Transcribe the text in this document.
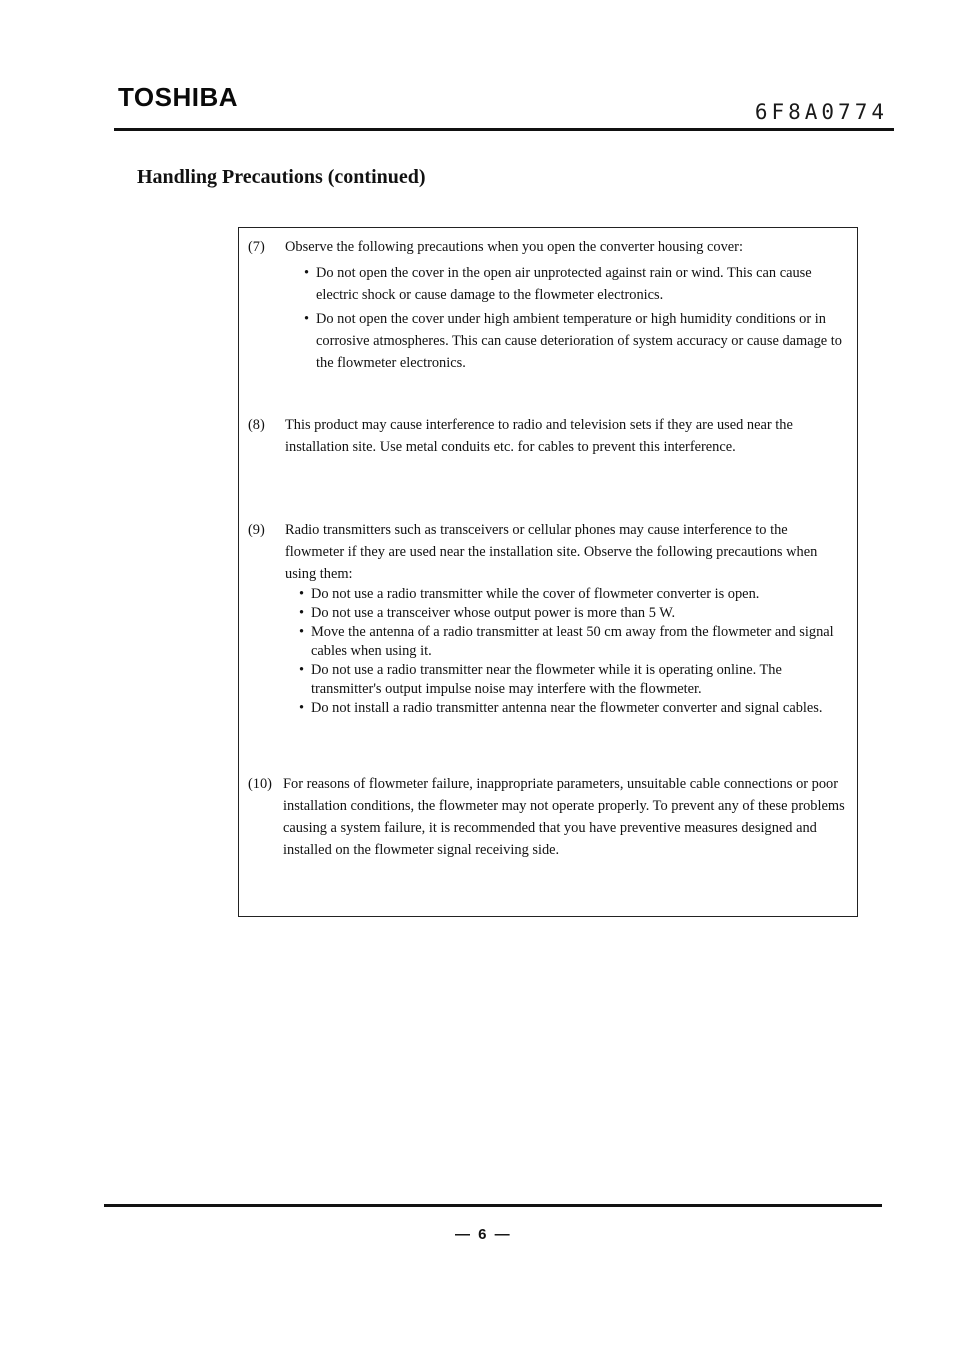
TOSHIBA	6F8A0774
Handling Precautions (continued)
(7) Observe the following precautions when you open the converter housing cover:
• Do not open the cover in the open air unprotected against rain or wind. This can cause electric shock or cause damage to the flowmeter electronics.
• Do not open the cover under high ambient temperature or high humidity conditions or in corrosive atmospheres. This can cause deterioration of system accuracy or cause damage to the flowmeter electronics.
(8) This product may cause interference to radio and television sets if they are used near the installation site. Use metal conduits etc. for cables to prevent this interference.
(9) Radio transmitters such as transceivers or cellular phones may cause interference to the flowmeter if they are used near the installation site. Observe the following precautions when using them:
• Do not use a radio transmitter while the cover of flowmeter converter is open.
• Do not use a transceiver whose output power is more than 5 W.
• Move the antenna of a radio transmitter at least 50 cm away from the flowmeter and signal cables when using it.
• Do not use a radio transmitter near the flowmeter while it is operating online. The transmitter's output impulse noise may interfere with the flowmeter.
• Do not install a radio transmitter antenna near the flowmeter converter and signal cables.
(10) For reasons of flowmeter failure, inappropriate parameters, unsuitable cable connections or poor installation conditions, the flowmeter may not operate properly. To prevent any of these problems causing a system failure, it is recommended that you have preventive measures designed and installed on the flowmeter signal receiving side.
— 6 —
